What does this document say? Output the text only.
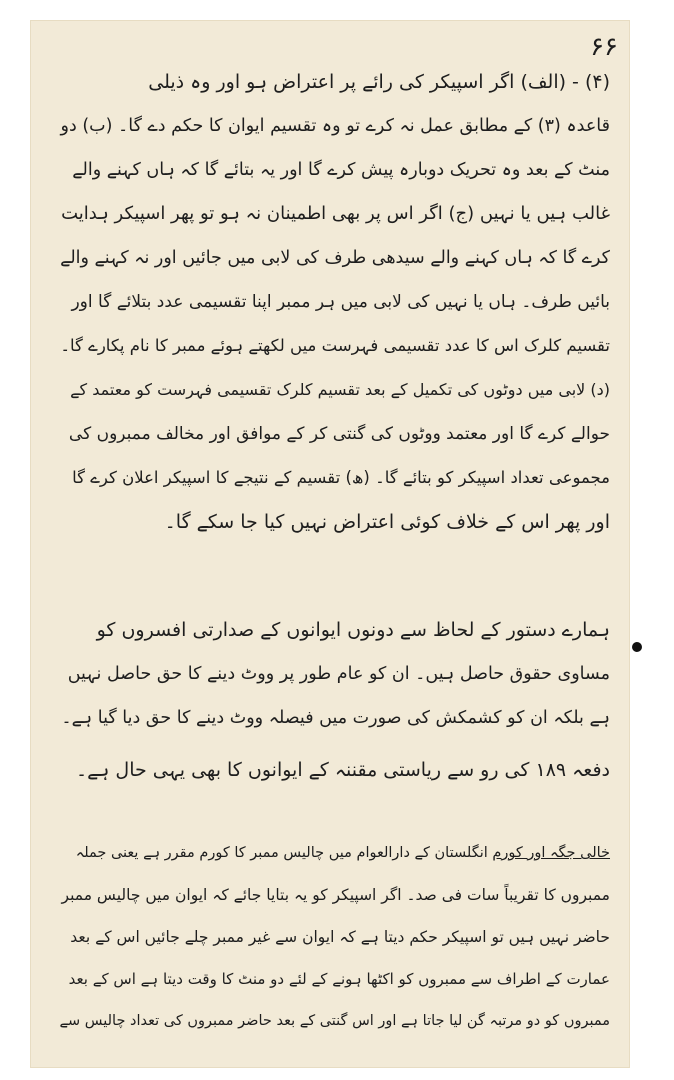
۶۶

(۴) - (الف) اگر اسپیکر کی رائے پر اعتراض ہو اور وہ ذیلی
قاعدہ (۳) کے مطابق عمل نہ کرے تو وہ تقسیم ایوان کا حکم دے گا۔ (ب) دو
منٹ کے بعد وہ تحریک دوبارہ پیش کرے گا اور یہ بتائے گا کہ ہاں کہنے والے
غالب ہیں یا نہیں (ج) اگر اس پر بھی اطمینان نہ ہو تو پھر اسپیکر ہدایت
کرے گا کہ ہاں کہنے والے سیدھی طرف کی لابی میں جائیں اور نہ کہنے والے
بائیں طرف۔ ہاں یا نہیں کی لابی میں ہر ممبر اپنا تقسیمی عدد بتلائے گا اور
تقسیم کلرک اس کا عدد تقسیمی فہرست میں لکھتے ہوئے ممبر کا نام پکارے گا۔
(د) لابی میں دوٹوں کی تکمیل کے بعد تقسیم کلرک تقسیمی فہرست کو معتمد کے
حوالے کرے گا اور معتمد ووٹوں کی گنتی کر کے موافق اور مخالف ممبروں کی
مجموعی تعداد اسپیکر کو بتائے گا۔ (ھ) تقسیم کے نتیجے کا اسپیکر اعلان کرے گا
اور پھر اس کے خلاف کوئی اعتراض نہیں کیا جا سکے گا۔
ہمارے دستور کے لحاظ سے دونوں ایوانوں کے صدارتی افسروں کو
مساوی حقوق حاصل ہیں۔ ان کو عام طور پر ووٹ دینے کا حق حاصل نہیں
ہے بلکہ ان کو کشمکش کی صورت میں فیصلہ ووٹ دینے کا حق دیا گیا ہے۔
دفعہ ۱۸۹ کی رو سے ریاستی مقننہ کے ایوانوں کا بھی یہی حال ہے۔
خالی جگہ اور کورم انگلستان کے دارالعوام میں چالیس ممبر کا کورم مقرر ہے یعنی جملہ
ممبروں کا تقریباً سات فی صد۔ اگر اسپیکر کو یہ بتایا جائے کہ ایوان میں چالیس ممبر
حاضر نہیں ہیں تو اسپیکر حکم دیتا ہے کہ ایوان سے غیر ممبر چلے جائیں اس کے بعد
عمارت کے اطراف سے ممبروں کو اکٹھا ہونے کے لئے دو منٹ کا وقت دیتا ہے اس کے بعد
ممبروں کو دو مرتبہ گن لیا جاتا ہے اور اس گنتی کے بعد حاضر ممبروں کی تعداد چالیس سے
